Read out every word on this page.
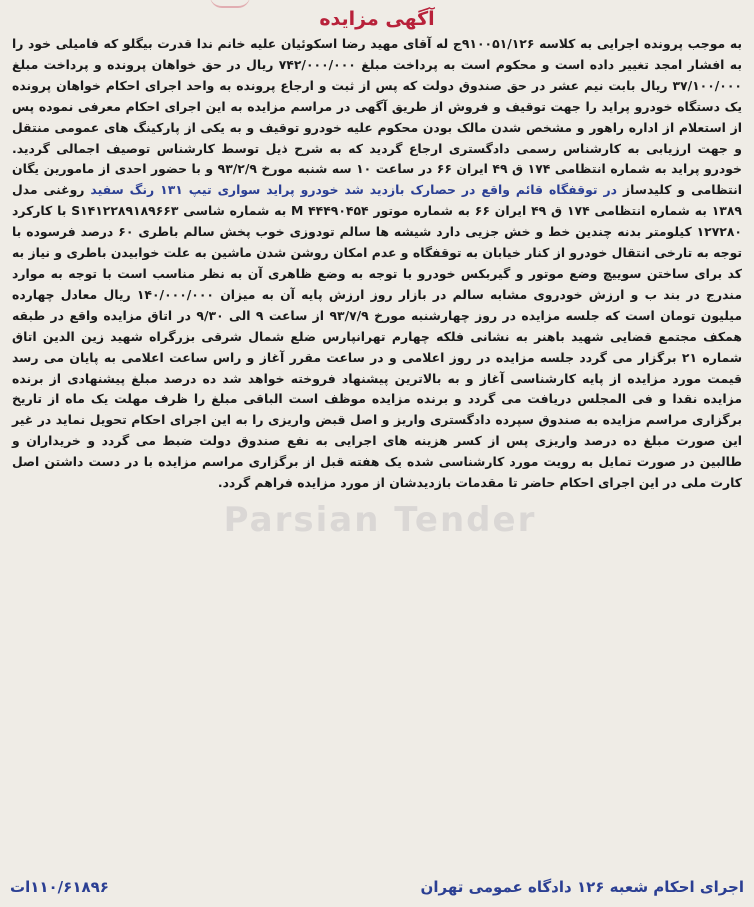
آگهی مزایده
به موجب پرونده اجرایی به کلاسه ۹۱۰۰۵۱/۱۲۶ج له آقای مهید رضا اسکوئیان علیه خانم ندا قدرت بیگلو که فامیلی خود را به افشار امجد تغییر داده است و محکوم است به پرداخت مبلغ ۷۴۲/۰۰۰/۰۰۰ ریال در حق خواهان پرونده و پرداخت مبلغ ۳۷/۱۰۰/۰۰۰ ریال بابت نیم عشر در حق صندوق دولت که پس از ثبت و ارجاع پرونده به واحد اجرای احکام خواهان پرونده یک دستگاه خودرو پراید را جهت توقیف و فروش از طریق آگهی در مراسم مزایده به این اجرای احکام معرفی نموده پس از استعلام از اداره راهور و مشخص شدن مالک بودن محکوم علیه خودرو توقیف و به یکی از پارکینگ های عمومی منتقل و جهت ارزیابی به کارشناس رسمی دادگستری ارجاع گردید که به شرح ذیل توسط کارشناس توصیف اجمالی گردید. خودرو پراید به شماره انتظامی ۱۷۴ ق ۴۹ ایران ۶۶ در ساعت ۱۰ سه شنبه مورخ ۹۳/۲/۹ و با حضور احدی از مامورین یگان انتظامی و کلیدساز در توقفگاه قائم واقع در حصارک بازدید شد خودرو پراید سواری تیپ ۱۳۱ رنگ سفید روغنی مدل ۱۳۸۹ به شماره انتظامی ۱۷۴ ق ۴۹ ایران ۶۶ به شماره موتور ۴۴۴۹۰۴۵۴ M به شماره شاسی S۱۴۱۲۲۸۹۱۸۹۶۶۳ با کارکرد ۱۲۷۲۸۰ کیلومتر بدنه چندین خط و خش جزیی دارد شیشه ها سالم تودوزی خوب پخش سالم باطری ۶۰ درصد فرسوده با توجه به تارخی انتقال خودرو از کنار خیابان به توقفگاه و عدم امکان روشن شدن ماشین به علت خوابیدن باطری و نیاز به کد برای ساختن سوییچ وضع موتور و گیربکس خودرو با توجه به وضع ظاهری آن به نظر مناسب است با توجه به موارد مندرج در بند ب و ارزش خودروی مشابه سالم در بازار روز ارزش پایه آن به میزان ۱۴۰/۰۰۰/۰۰۰ ریال معادل چهارده میلیون تومان است که جلسه مزایده در روز چهارشنبه مورخ ۹۳/۷/۹ از ساعت ۹ الی ۹/۳۰ در اتاق مزایده واقع در طبقه همکف مجتمع قضایی شهید باهنر به نشانی فلکه چهارم تهرانپارس ضلع شمال شرقی بزرگراه شهید زین الدین اتاق شماره ۲۱ برگزار می گردد جلسه مزایده در روز اعلامی و در ساعت مقرر آغاز و راس ساعت اعلامی به پایان می رسد قیمت مورد مزایده از پایه کارشناسی آغاز و به بالاترین پیشنهاد فروخته خواهد شد ده درصد مبلغ پیشنهادی از برنده مزایده نقدا و فی المجلس دریافت می گردد و برنده مزایده موظف است الباقی مبلغ را ظرف مهلت یک ماه از تاریخ برگزاری مراسم مزایده به صندوق سپرده دادگستری واریز و اصل قبض واریزی را به این اجرای احکام تحویل نماید در غیر این صورت مبلغ ده درصد واریزی پس از کسر هزینه های اجرایی به نفع صندوق دولت ضبط می گردد و خریداران و طالبین در صورت تمایل به رویت مورد کارشناسی شده یک هفته قبل از برگزاری مراسم مزایده با در دست داشتن اصل کارت ملی در این اجرای احکام حاضر تا مقدمات بازدیدشان از مورد مزایده فراهم گردد.
Parsian Tender
اجرای احکام شعبه ۱۲۶ دادگاه عمومی تهران
۱۱۰/۶۱۸۹۶ات
